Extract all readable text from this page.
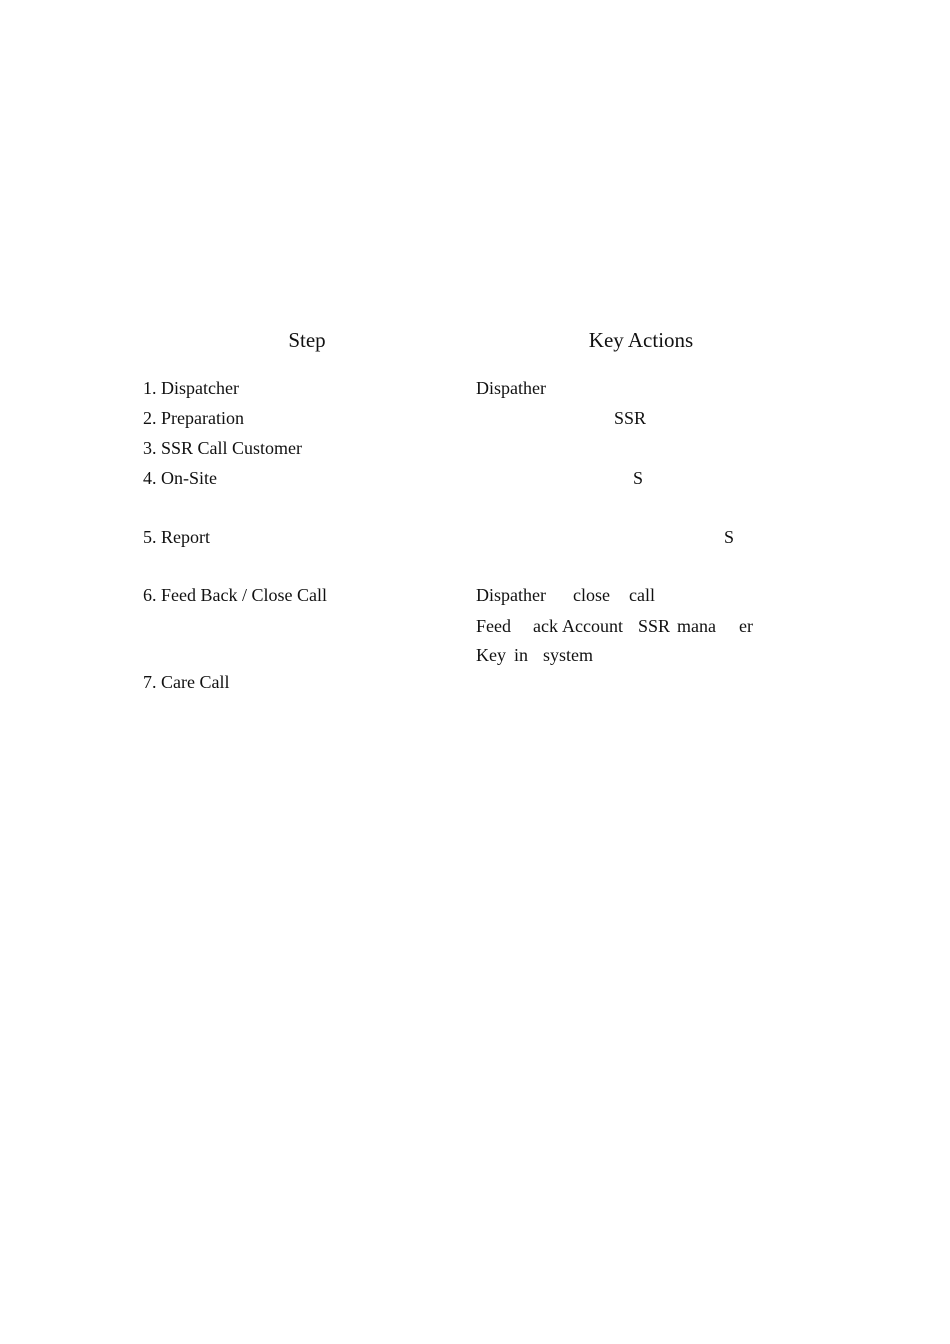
Step	Key Actions
1. Dispatcher
2. Preparation
3. SSR Call Customer
4. On-Site
5. Report
6. Feed Back / Close Call
7. Care Call
Dispather
SSR
S
S
Dispather close call
Feed ack Account SSR mana er
Key in system
